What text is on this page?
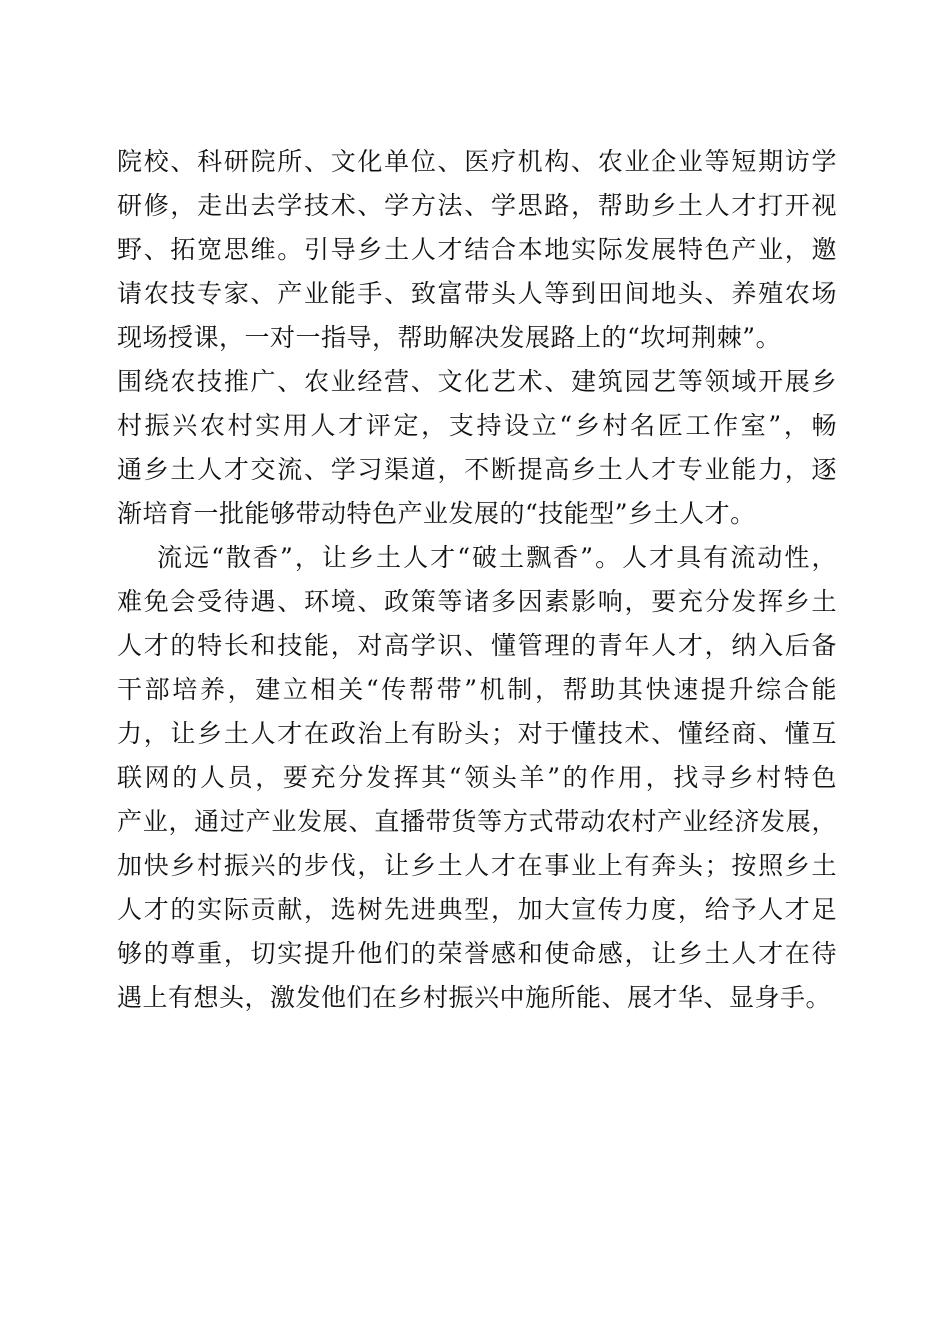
院校、科研院所、文化单位、医疗机构、农业企业等短期访学
研修，走出去学技术、学方法、学思路，帮助乡土人才打开视
野、拓宽思维。引导乡土人才结合本地实际发展特色产业，邀
请农技专家、产业能手、致富带头人等到田间地头、养殖农场
现场授课，一对一指导，帮助解决发展路上的“坎坷荆棘”。
围绕农技推广、农业经营、文化艺术、建筑园艺等领域开展乡
村振兴农村实用人才评定，支持设立“乡村名匠工作室”，畅
通乡土人才交流、学习渠道，不断提高乡土人才专业能力，逐
渐培育一批能够带动特色产业发展的“技能型”乡土人才。
流远“散香”，让乡土人才“破土飘香”。人才具有流动性，
难免会受待遇、环境、政策等诸多因素影响，要充分发挥乡土
人才的特长和技能，对高学识、懂管理的青年人才，纳入后备
干部培养，建立相关“传帮带”机制，帮助其快速提升综合能
力，让乡土人才在政治上有盼头；对于懂技术、懂经商、懂互
联网的人员，要充分发挥其“领头羊”的作用，找寻乡村特色
产业，通过产业发展、直播带货等方式带动农村产业经济发展，
加快乡村振兴的步伐，让乡土人才在事业上有奔头；按照乡土
人才的实际贡献，选树先进典型，加大宣传力度，给予人才足
够的尊重，切实提升他们的荣誉感和使命感，让乡土人才在待
遇上有想头，激发他们在乡村振兴中施所能、展才华、显身手。
